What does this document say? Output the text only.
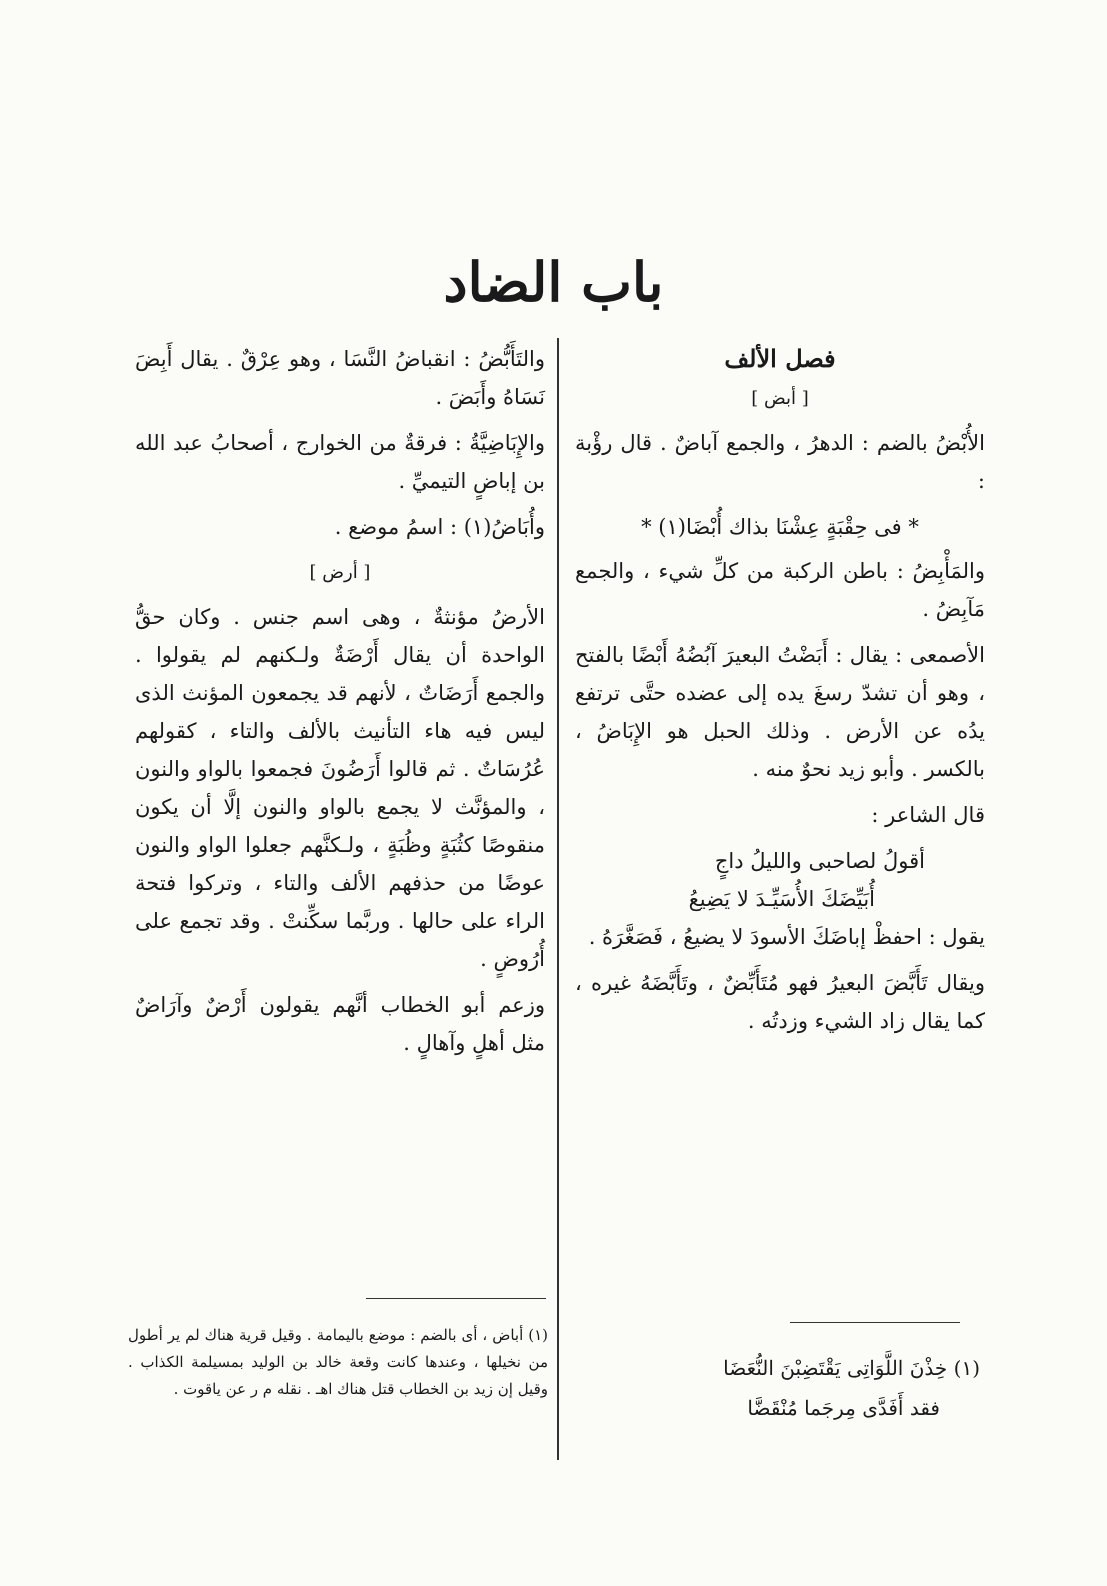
باب الضاد
فصل الألف
[ أبض ]

الأُبْضُ بالضم : الدهرُ ، والجمع آباضٌ . قال رؤْبة :

* فى حِقْبَةٍ عِشْنَا بذاك أُبْضَا(١) *

والمَأْبِضُ : باطن الركبة من كلِّ شيء ، والجمع مَآبِضُ .

الأصمعى : يقال : أَبَضْتُ البعيرَ آبُضُهُ أَبْضًا بالفتح ، وهو أن تشدّ رسغَ يده إلى عضده حتَّى ترتفع يدُه عن الأرض . وذلك الحبل هو الإِبَاضُ ، بالكسر . وأبو زيد نحوٌ منه .

قال الشاعر :

أقولُ لصاحبى والليلُ داجٍ

أُبَيِّضَكَ الأُسَيِّـدَ لا يَضِيعُ

يقول : احفظْ إباضَكَ الأسودَ لا يضيعُ ، فَصَغَّرَهُ .

ويقال تَأَبَّضَ البعيرُ فهو مُتَأَبِّضٌ ، وتَأَبَّضَهُ غيره ، كما يقال زاد الشيء وزدتُه .

والتَأَبُّضُ : انقباضُ النَّسَا ، وهو عِرْقٌ . يقال أَبِضَ نَسَاهُ وأَبَضَ .

والإِبَاضِيَّةُ : فرقةٌ من الخوارج ، أصحابُ عبد الله بن إباضٍ التيميِّ .

وأُبَاضُ(١) : اسمُ موضع .

[ أرض ]

الأرضُ مؤنثةٌ ، وهى اسم جنس . وكان حقُّ الواحدة أن يقال أَرْضَةٌ ولـكنهم لم يقولوا . والجمع أَرَضَاتٌ ، لأنهم قد يجمعون المؤنث الذى ليس فيه هاء التأنيث بالألف والتاء ، كقولهم عُرُسَاتٌ . ثم قالوا أَرَضُونَ فجمعوا بالواو والنون ، والمؤنَّث لا يجمع بالواو والنون إلَّا أن يكون منقوصًا كثُبَةٍ وظُبَةٍ ، ولـكنَّهم جعلوا الواو والنون عوضًا من حذفهم الألف والتاء ، وتركوا فتحة الراء على حالها . وربَّما سكِّنتْ . وقد تجمع على أُرُوضٍ .

وزعم أبو الخطاب أنَّهم يقولون أَرْضٌ وآرَاضٌ مثل أهلٍ وآهالٍ .

(١) خِذْنَ اللَّوَاتِى يَقْتَضِبْنَ النُّعَضَا
فقد أَفَدَّى مِرجَما مُنْقَضَّا
(١) أباض ، أى بالضم : موضع باليمامة . وقيل قرية هناك لم ير أطول من نخيلها ، وعندها كانت وقعة خالد بن الوليد بمسيلمة الكذاب . وقيل إن زيد بن الخطاب قتل هناك اهـ . نقله م ر عن ياقوت .
